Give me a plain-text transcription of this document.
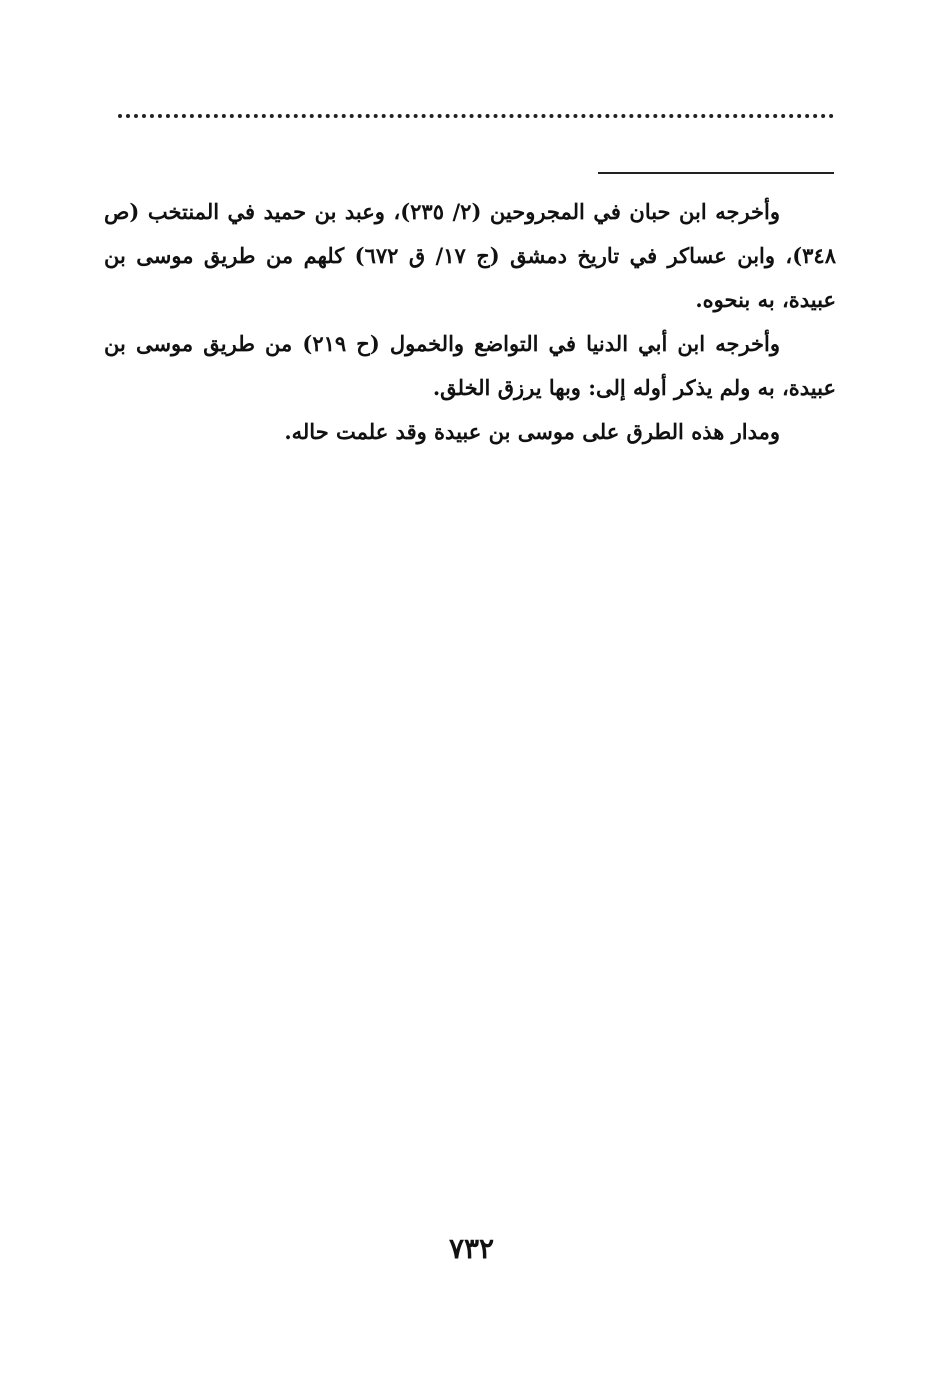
وأخرجه ابن حبان في المجروحين (٢/ ٢٣٥)، وعبد بن حميد في المنتخب (ص ٣٤٨)، وابن عساكر في تاريخ دمشق (ج ١٧/ ق ٦٧٢) كلهم من طريق موسى بن عبيدة، به بنحوه.

وأخرجه ابن أبي الدنيا في التواضع والخمول (ح ٢١٩) من طريق موسى بن عبيدة، به ولم يذكر أوله إلى: وبها يرزق الخلق.

ومدار هذه الطرق على موسى بن عبيدة وقد علمت حاله.

٧٣٢
